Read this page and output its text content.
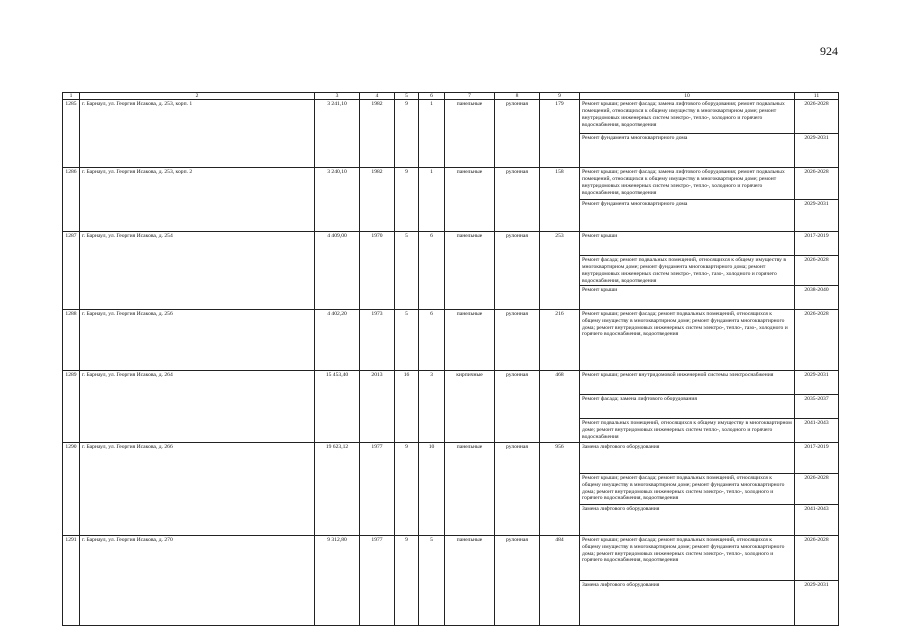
924
1	2	3	4	5	6	7	8	9	10	11
1285	г. Барнаул, ул. Георгия Исакова, д. 253, корп. 1	3 241,10	1982	9	1	панельные	рулонная	179	Ремонт крыши; ремонт фасада; замена лифтового оборудования; ремонт подвальных помещений, относящихся к общему имуществу в многоквартирном доме; ремонт внутридомовых инженерных систем электро-, тепло-, холодного и горячего водоснабжения, водоотведения	2026-2028
									Ремонт фундамента многоквартирного дома	2029-2031
1286	г. Барнаул, ул. Георгия Исакова, д. 253, корп. 2	3 240,10	1982	9	1	панельные	рулонная	158	Ремонт крыши; ремонт фасада; замена лифтового оборудования; ремонт подвальных помещений, относящихся к общему имуществу в многоквартирном доме; ремонт внутридомовых инженерных систем электро-, тепло-, холодного и горячего водоснабжения, водоотведения	2026-2028
									Ремонт фундамента многоквартирного дома	2029-2031
1287	г. Барнаул, ул. Георгия Исакова, д. 254	4 409,00	1970	5	6	панельные	рулонная	253	Ремонт крыши	2017-2019
									Ремонт фасада; ремонт подвальных помещений, относящихся к общему имуществу в многоквартирном доме; ремонт фундамента многоквартирного дома; ремонт внутридомовых инженерных систем электро-, тепло-, газо-, холодного и горячего водоснабжения, водоотведения	2026-2028
									Ремонт крыши	2038-2040
1288	г. Барнаул, ул. Георгия Исакова, д. 256	4 402,20	1973	5	6	панельные	рулонная	216	Ремонт крыши; ремонт фасада; ремонт подвальных помещений, относящихся к общему имуществу в многоквартирном доме; ремонт фундамента многоквартирного дома; ремонт внутридомовых инженерных систем электро-, тепло-, газо-, холодного и горячего водоснабжения, водоотведения	2026-2028
1289	г. Барнаул, ул. Георгия Исакова, д. 264	15 453,40	2013	16	3	кирпичные	рулонная	468	Ремонт крыши; ремонт внутридомовой инженерной системы электроснабжения	2029-2031
									Ремонт фасада; замена лифтового оборудования	2035-2037
									Ремонт подвальных помещений, относящихся к общему имуществу в многоквартирном доме; ремонт внутридомовых инженерных систем тепло-, холодного и горячего водоснабжения	2041-2043
1290	г. Барнаул, ул. Георгия Исакова, д. 266	19 623,12	1977	9	10	панельные	рулонная	956	Замена лифтового оборудования	2017-2019
									Ремонт крыши; ремонт фасада; ремонт подвальных помещений, относящихся к общему имуществу в многоквартирном доме; ремонт фундамента многоквартирного дома; ремонт внутридомовых инженерных систем электро-, тепло-, холодного и горячего водоснабжения, водоотведения	2026-2028
									Замена лифтового оборудования	2041-2043
1291	г. Барнаул, ул. Георгия Исакова, д. 270	9 312,80	1977	9	5	панельные	рулонная	484	Ремонт крыши; ремонт фасада; ремонт подвальных помещений, относящихся к общему имуществу в многоквартирном доме; ремонт фундамента многоквартирного дома; ремонт внутридомовых инженерных систем электро-, тепло-, холодного и горячего водоснабжения, водоотведения	2026-2028
									Замена лифтового оборудования	2029-2031
